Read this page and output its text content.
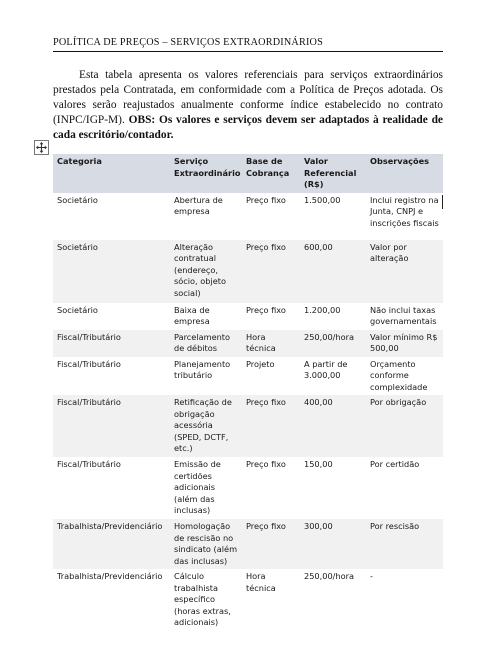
POLÍTICA DE PREÇOS – SERVIÇOS EXTRAORDINÁRIOS

Esta tabela apresenta os valores referenciais para serviços extraordinários prestados pela Contratada, em conformidade com a Política de Preços adotada. Os valores serão reajustados anualmente conforme índice estabelecido no contrato (INPC/IGP-M). OBS: Os valores e serviços devem ser adaptados à realidade de cada escritório/contador.

Categoria	Serviço Extraordinário	Base de Cobrança	Valor Referencial (R$)	Observações
Societário	Abertura de empresa	Preço fixo	1.500,00	Inclui registro na Junta, CNPJ e inscrições fiscais
Societário	Alteração contratual (endereço, sócio, objeto social)	Preço fixo	600,00	Valor por alteração
Societário	Baixa de empresa	Preço fixo	1.200,00	Não inclui taxas governamentais
Fiscal/Tributário	Parcelamento de débitos	Hora técnica	250,00/hora	Valor mínimo R$ 500,00
Fiscal/Tributário	Planejamento tributário	Projeto	A partir de 3.000,00	Orçamento conforme complexidade
Fiscal/Tributário	Retificação de obrigação acessória (SPED, DCTF, etc.)	Preço fixo	400,00	Por obrigação
Fiscal/Tributário	Emissão de certidões adicionais (além das inclusas)	Preço fixo	150,00	Por certidão
Trabalhista/Previdenciário	Homologação de rescisão no sindicato (além das inclusas)	Preço fixo	300,00	Por rescisão
Trabalhista/Previdenciário	Cálculo trabalhista específico (horas extras, adicionais)	Hora técnica	250,00/hora	-
